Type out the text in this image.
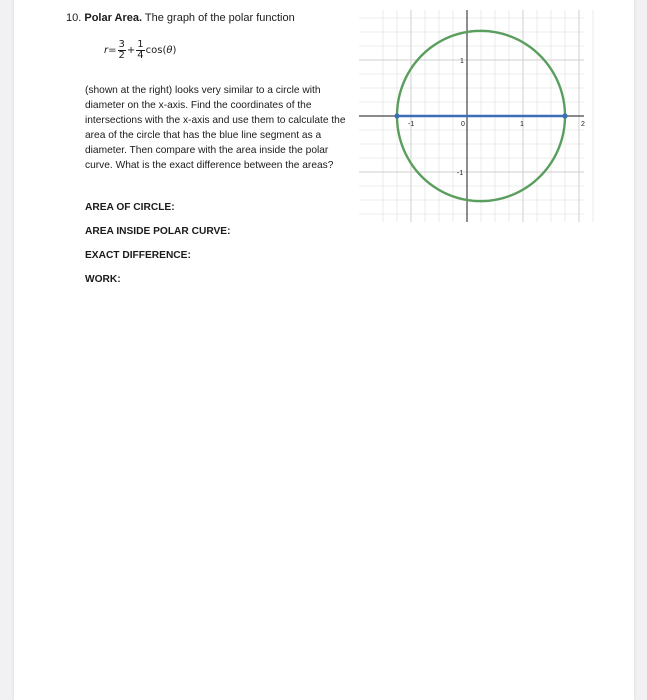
10. Polar Area. The graph of the polar function
$r = \frac{3}{2} + \frac{1}{4} \cos$( θ )
(shown at the right) looks very similar to a circle with diameter on the x-axis. Find the coordinates of the intersections with the x-axis and use them to calculate the area of the circle that has the blue line segment as a diameter. Then compare with the area inside the polar curve. What is the exact difference between the areas?
AREA OF CIRCLE:
AREA INSIDE POLAR CURVE:
EXACT DIFFERENCE:
WORK:
-1	0	1	2
1
-1
